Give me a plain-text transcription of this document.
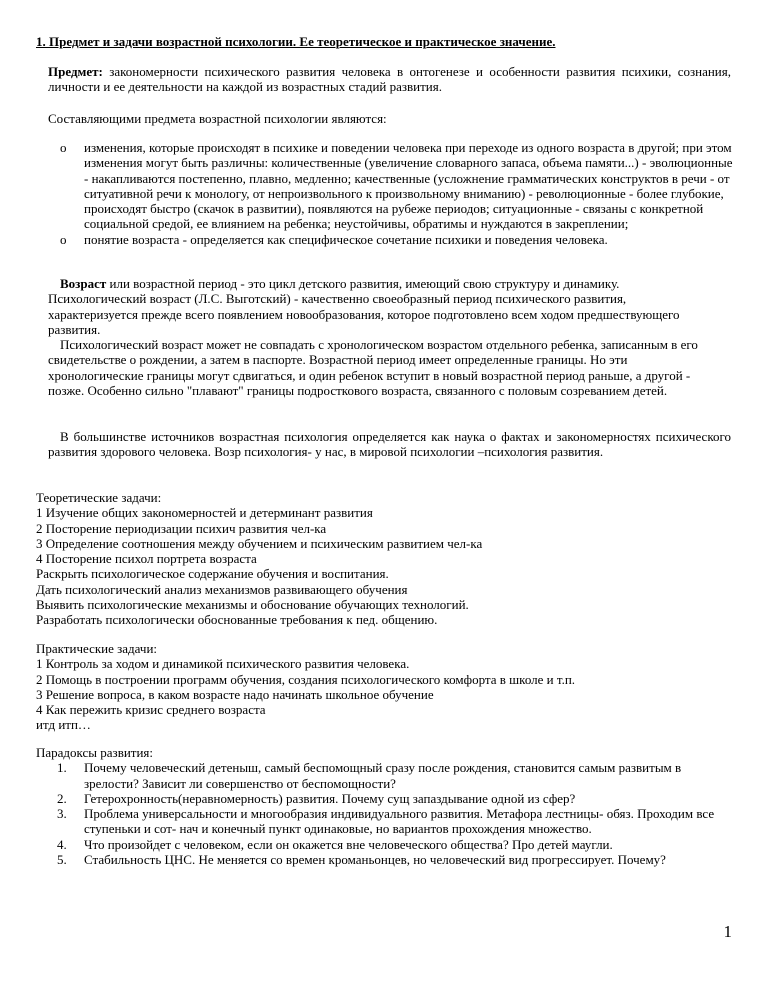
1. Предмет и задачи возрастной психологии. Ее теоретическое и практическое значение.

Предмет: закономерности психического развития человека в онтогенезе и особенности развития психики, сознания, личности и ее деятельности на каждой из возрастных стадий развития.

Составляющими предмета возрастной психологии являются:

o изменения, которые происходят в психике и поведении человека при переходе из одного возраста в другой; при этом изменения могут быть различны: количественные (увеличение словарного запаса, объема памяти...) - эволюционные - накапливаются постепенно, плавно, медленно; качественные (усложнение грамматических конструктов в речи - от ситуативной речи к монологу, от непроизвольного к произвольному вниманию) - революционные - более глубокие, происходят быстро (скачок в развитии), появляются на рубеже периодов; ситуационные - связаны с конкретной социальной средой, ее влиянием на ребенка; неустойчивы, обратимы и нуждаются в закреплении;
o понятие возраста - определяется как специфическое сочетание психики и поведения человека.

Возраст или возрастной период - это цикл детского развития, имеющий свою структуру и динамику. Психологический возраст (Л.С. Выготский) - качественно своеобразный период психического развития, характеризуется прежде всего появлением новообразования, которое подготовлено всем ходом предшествующего развития.

Психологический возраст может не совпадать с хронологическом возрастом отдельного ребенка, записанным в его свидетельстве о рождении, а затем в паспорте. Возрастной период имеет определенные границы. Но эти хронологические границы могут сдвигаться, и один ребенок вступит в новый возрастной период раньше, а другой - позже. Особенно сильно "плавают" границы подросткового возраста, связанного с половым созреванием детей.

В большинстве источников возрастная психология определяется как наука о фактах и закономерностях психического развития здорового человека. Возр психология- у нас, в мировой психологии –психология развития.

Теоретические задачи:

1 Изучение общих закономерностей и детерминант развития

2 Посторение периодизации психич развития чел-ка

3 Определение соотношения между обучением и психическим развитием чел-ка

4 Посторение психол портрета возраста

Раскрыть психологическое содержание обучения и воспитания.

Дать психологический анализ механизмов развивающего обучения

Выявить психологические механизмы и обоснование обучающих технологий.

Разработать психологически обоснованные требования к пед. общению.

Практические задачи:

1 Контроль за ходом и динамикой психического развития человека.

2 Помощь в построении программ обучения, создания психологического комфорта в школе и т.п.

3 Решение вопроса, в каком возрасте надо начинать школьное обучение

4 Как пережить кризис среднего возраста

итд итп…

Парадоксы развития:

1. Почему человеческий детеныш, самый беспомощный сразу после рождения, становится самым развитым в зрелости? Зависит ли совершенство от беспомощности?
2. Гетерохронность(неравномерность) развития. Почему сущ запаздывание одной из сфер?
3. Проблема универсальности и многообразия индивидуального развития. Метафора лестницы- обяз. Проходим все ступеньки и сот- нач и конечный пункт одинаковые, но вариантов прохождения множество.
4. Что произойдет с человеком, если он окажется вне человеческого общества? Про детей маугли.
5. Стабильность ЦНС. Не меняется со времен кроманьонцев, но человеческий вид прогрессирует. Почему?

1
